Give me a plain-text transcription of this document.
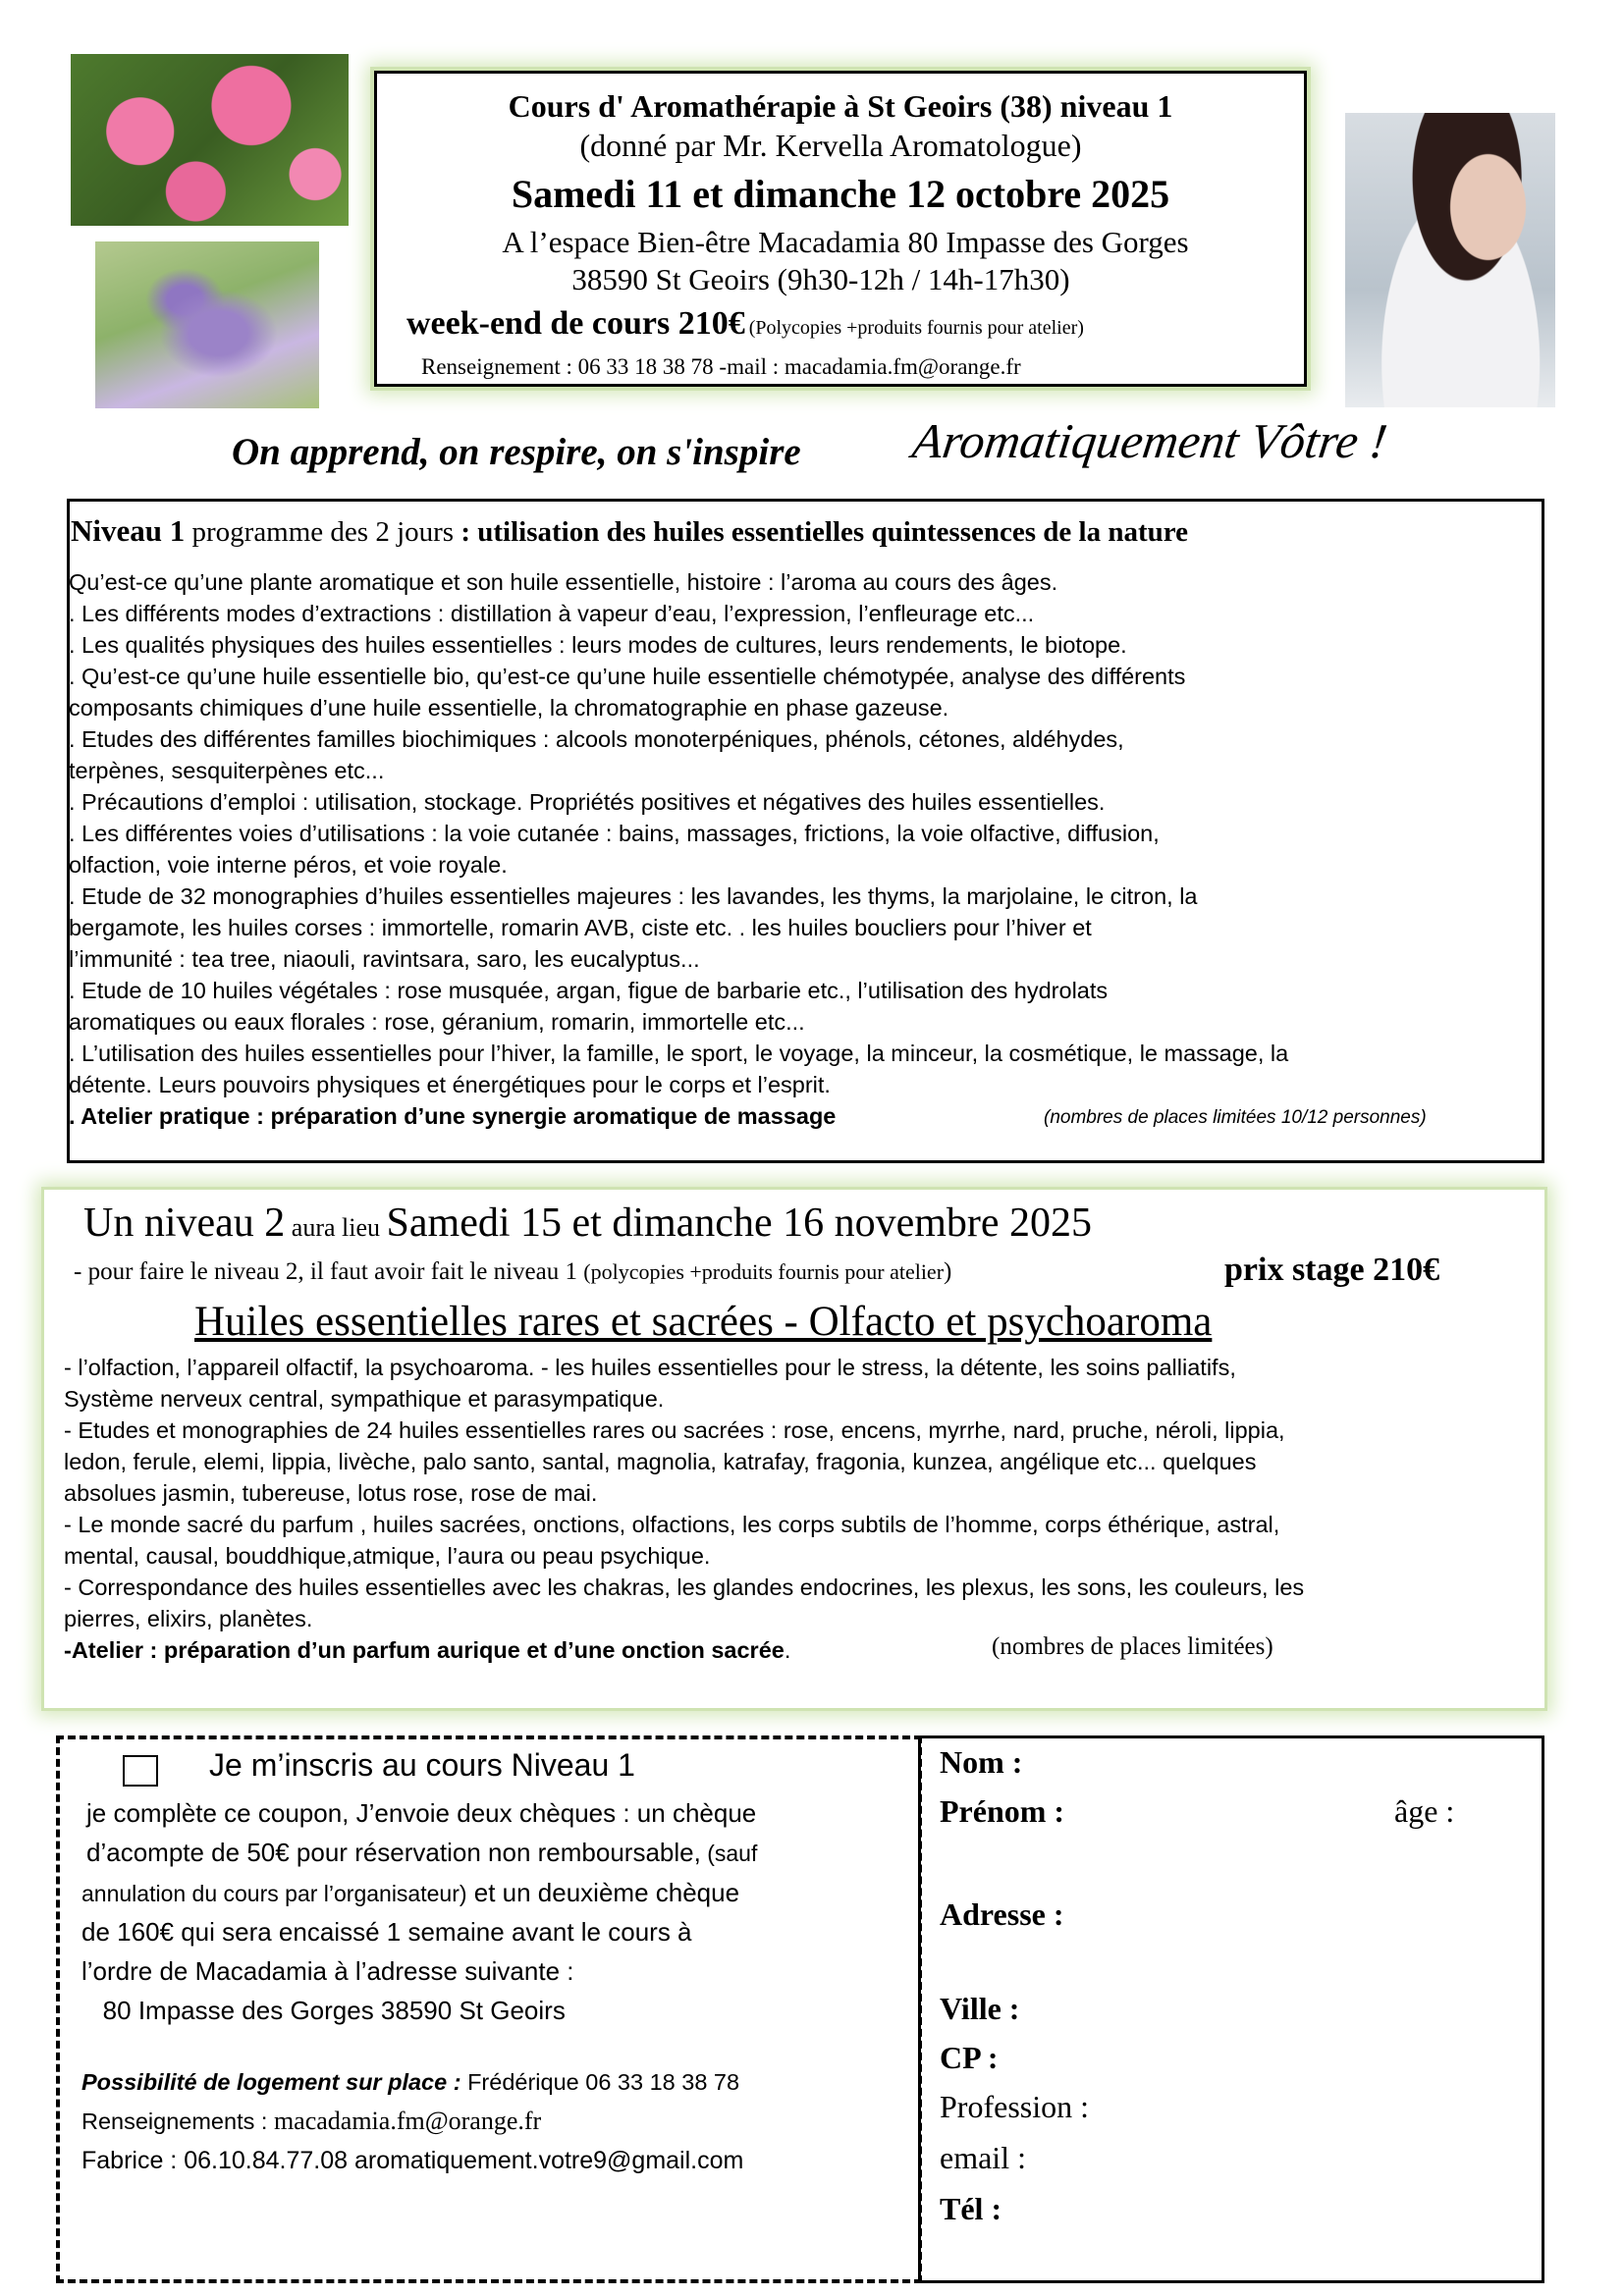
Cours d' Aromathérapie à St Geoirs (38) niveau 1
(donné par Mr. Kervella Aromatologue)
Samedi 11 et dimanche 12 octobre 2025
A l’espace Bien-être Macadamia 80 Impasse des Gorges
38590 St Geoirs (9h30-12h / 14h-17h30)
week-end de cours 210€ (Polycopies +produits fournis pour atelier)
Renseignement : 06 33 18 38 78 -mail : macadamia.fm@orange.fr
On apprend, on respire, on s'inspire Aromatiquement Vôtre !
Niveau 1 programme des 2 jours : utilisation des huiles essentielles quintessences de la nature
Qu’est-ce qu’une plante aromatique et son huile essentielle, histoire : l’aroma au cours des âges.
. Les différents modes d’extractions : distillation à vapeur d’eau, l’expression, l’enfleurage etc...
. Les qualités physiques des huiles essentielles : leurs modes de cultures, leurs rendements, le biotope.
. Qu’est-ce qu’une huile essentielle bio, qu’est-ce qu’une huile essentielle chémotypée, analyse des différents
composants chimiques d’une huile essentielle, la chromatographie en phase gazeuse.
. Etudes des différentes familles biochimiques : alcools monoterpéniques, phénols, cétones, aldéhydes,
terpènes, sesquiterpènes etc...
. Précautions d’emploi : utilisation, stockage. Propriétés positives et négatives des huiles essentielles.
. Les différentes voies d’utilisations : la voie cutanée : bains, massages, frictions, la voie olfactive, diffusion,
olfaction, voie interne péros, et voie royale.
. Etude de 32 monographies d’huiles essentielles majeures : les lavandes, les thyms, la marjolaine, le citron, la
bergamote, les huiles corses : immortelle, romarin AVB, ciste etc. . les huiles boucliers pour l’hiver et
l’immunité : tea tree, niaouli, ravintsara, saro, les eucalyptus...
. Etude de 10 huiles végétales : rose musquée, argan, figue de barbarie etc., l’utilisation des hydrolats
aromatiques ou eaux florales : rose, géranium, romarin, immortelle etc...
. L’utilisation des huiles essentielles pour l’hiver, la famille, le sport, le voyage, la minceur, la cosmétique, le massage, la
détente. Leurs pouvoirs physiques et énergétiques pour le corps et l’esprit.
. Atelier pratique : préparation d’une synergie aromatique de massage	(nombres de places limitées 10/12 personnes)
Un niveau 2 aura lieu Samedi 15 et dimanche 16 novembre 2025
- pour faire le niveau 2, il faut avoir fait le niveau 1 (polycopies +produits fournis pour atelier)	prix stage 210€
Huiles essentielles rares et sacrées - Olfacto et psychoaroma
- l’olfaction, l’appareil olfactif, la psychoaroma. - les huiles essentielles pour le stress, la détente, les soins palliatifs,
Système nerveux central, sympathique et parasympatique.
- Etudes et monographies de 24 huiles essentielles rares ou sacrées : rose, encens, myrrhe, nard, pruche, néroli, lippia,
ledon, ferule, elemi, lippia, livèche, palo santo, santal, magnolia, katrafay, fragonia, kunzea, angélique etc... quelques
absolues jasmin, tubereuse, lotus rose, rose de mai.
- Le monde sacré du parfum , huiles sacrées, onctions, olfactions, les corps subtils de l’homme, corps éthérique, astral,
mental, causal, bouddhique,atmique, l’aura ou peau psychique.
- Correspondance des huiles essentielles avec les chakras, les glandes endocrines, les plexus, les sons, les couleurs, les
pierres, elixirs, planètes.
-Atelier : préparation d’un parfum aurique et d’une onction sacrée.	(nombres de places limitées)
Je m’inscris au cours Niveau 1
je complète ce coupon, J’envoie deux chèques : un chèque
d’acompte de 50€ pour réservation non remboursable, (sauf
annulation du cours par l’organisateur) et un deuxième chèque
de 160€ qui sera encaissé 1 semaine avant le cours à
l’ordre de Macadamia à l’adresse suivante :
80 Impasse des Gorges 38590 St Geoirs
Possibilité de logement sur place : Frédérique 06 33 18 38 78
Renseignements : macadamia.fm@orange.fr
Fabrice : 06.10.84.77.08 aromatiquement.votre9@gmail.com
Nom :
Prénom :	âge :
Adresse :
Ville :
CP :
Profession :
email :
Tél :
